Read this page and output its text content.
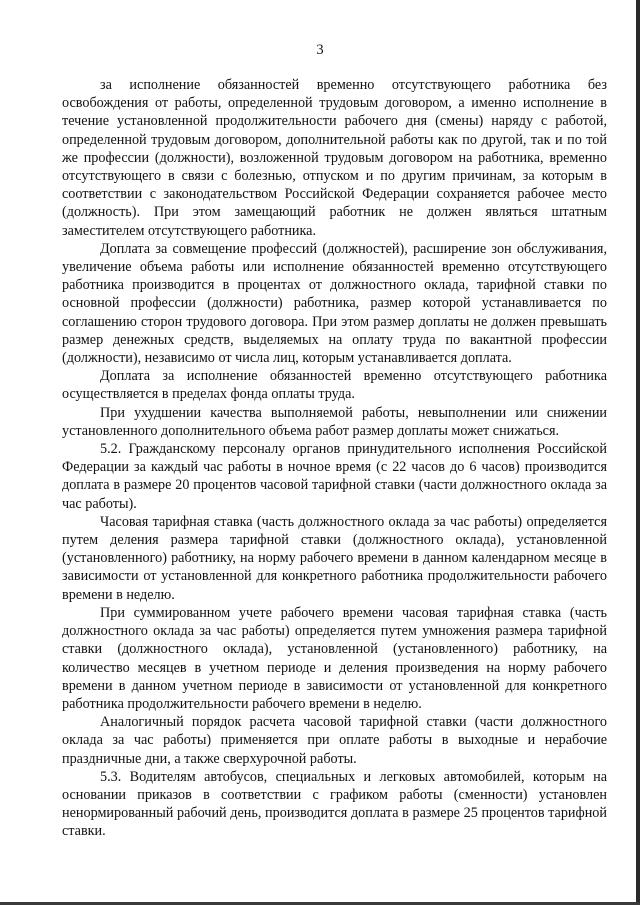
3

за исполнение обязанностей временно отсутствующего работника без освобождения от работы, определенной трудовым договором, а именно исполнение в течение установленной продолжительности рабочего дня (смены) наряду с работой, определенной трудовым договором, дополнительной работы как по другой, так и по той же профессии (должности), возложенной трудовым договором на работника, временно отсутствующего в связи с болезнью, отпуском и по другим причинам, за которым в соответствии с законодательством Российской Федерации сохраняется рабочее место (должность). При этом замещающий работник не должен являться штатным заместителем отсутствующего работника.

Доплата за совмещение профессий (должностей), расширение зон обслуживания, увеличение объема работы или исполнение обязанностей временно отсутствующего работника производится в процентах от должностного оклада, тарифной ставки по основной профессии (должности) работника, размер которой устанавливается по соглашению сторон трудового договора. При этом размер доплаты не должен превышать размер денежных средств, выделяемых на оплату труда по вакантной профессии (должности), независимо от числа лиц, которым устанавливается доплата.

Доплата за исполнение обязанностей временно отсутствующего работника осуществляется в пределах фонда оплаты труда.

При ухудшении качества выполняемой работы, невыполнении или снижении установленного дополнительного объема работ размер доплаты может снижаться.

5.2. Гражданскому персоналу органов принудительного исполнения Российской Федерации за каждый час работы в ночное время (с 22 часов до 6 часов) производится доплата в размере 20 процентов часовой тарифной ставки (части должностного оклада за час работы).

Часовая тарифная ставка (часть должностного оклада за час работы) определяется путем деления размера тарифной ставки (должностного оклада), установленной (установленного) работнику, на норму рабочего времени в данном календарном месяце в зависимости от установленной для конкретного работника продолжительности рабочего времени в неделю.

При суммированном учете рабочего времени часовая тарифная ставка (часть должностного оклада за час работы) определяется путем умножения размера тарифной ставки (должностного оклада), установленной (установленного) работнику, на количество месяцев в учетном периоде и деления произведения на норму рабочего времени в данном учетном периоде в зависимости от установленной для конкретного работника продолжительности рабочего времени в неделю.

Аналогичный порядок расчета часовой тарифной ставки (части должностного оклада за час работы) применяется при оплате работы в выходные и нерабочие праздничные дни, а также сверхурочной работы.

5.3. Водителям автобусов, специальных и легковых автомобилей, которым на основании приказов в соответствии с графиком работы (сменности) установлен ненормированный рабочий день, производится доплата в размере 25 процентов тарифной ставки.
